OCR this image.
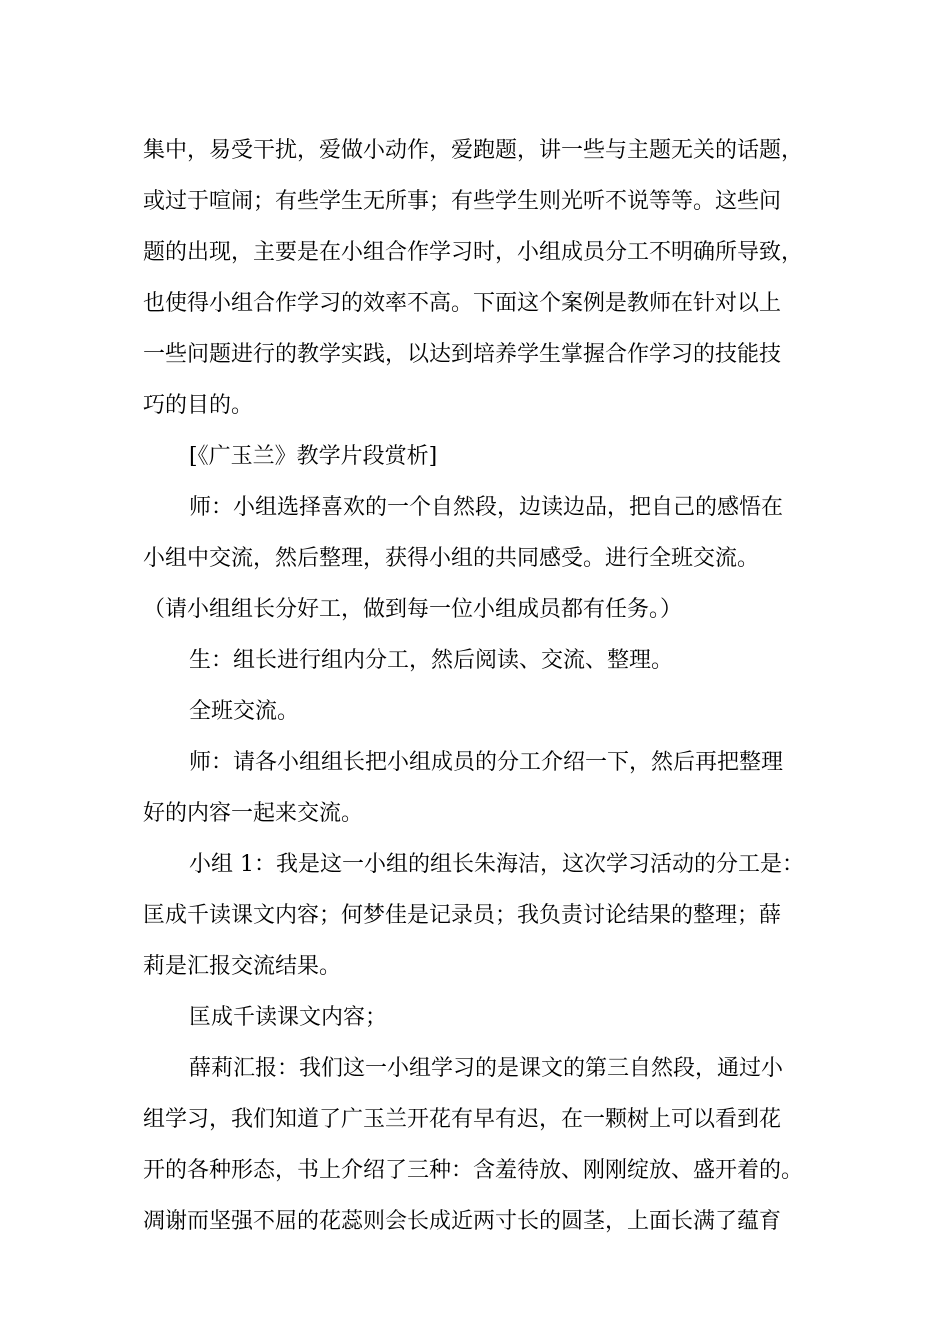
集中，易受干扰，爱做小动作，爱跑题，讲一些与主题无关的话题，
或过于喧闹；有些学生无所事；有些学生则光听不说等等。这些问
题的出现，主要是在小组合作学习时，小组成员分工不明确所导致，
也使得小组合作学习的效率不高。下面这个案例是教师在针对以上
一些问题进行的教学实践，以达到培养学生掌握合作学习的技能技
巧的目的。
[《广玉兰》教学片段赏析]
师：小组选择喜欢的一个自然段，边读边品，把自己的感悟在
小组中交流，然后整理，获得小组的共同感受。进行全班交流。
（请小组组长分好工，做到每一位小组成员都有任务。）
生：组长进行组内分工，然后阅读、交流、整理。
全班交流。
师：请各小组组长把小组成员的分工介绍一下，然后再把整理
好的内容一起来交流。
小组 1：我是这一小组的组长朱海洁，这次学习活动的分工是：
匡成千读课文内容；何梦佳是记录员；我负责讨论结果的整理；薛
莉是汇报交流结果。
匡成千读课文内容；
薛莉汇报：我们这一小组学习的是课文的第三自然段，通过小
组学习，我们知道了广玉兰开花有早有迟，在一颗树上可以看到花
开的各种形态，书上介绍了三种：含羞待放、刚刚绽放、盛开着的。
凋谢而坚强不屈的花蕊则会长成近两寸长的圆茎，上面长满了蕴育
